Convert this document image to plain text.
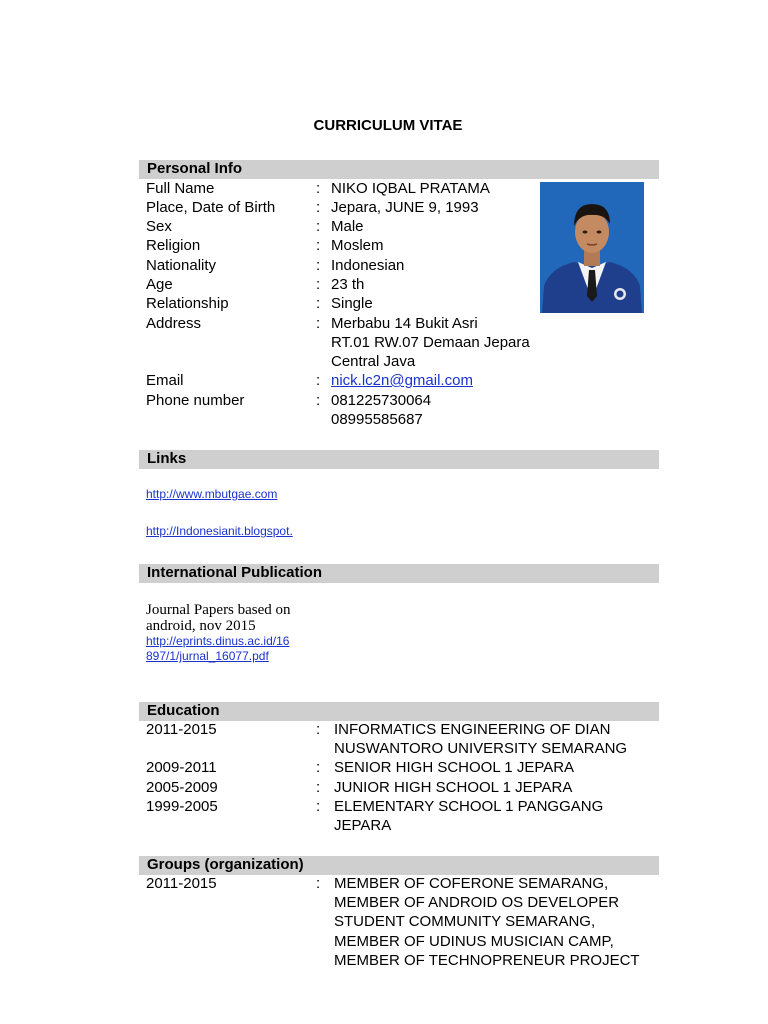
CURRICULUM VITAE
Personal Info
Full Name	: NIKO IQBAL PRATAMA
Place, Date of Birth	: Jepara, JUNE 9, 1993
Sex	: Male
Religion	: Moslem
Nationality	: Indonesian
Age	: 23 th
Relationship	: Single
Address	: Merbabu 14 Bukit Asri
RT.01 RW.07 Demaan Jepara
Central Java
Email	: nick.lc2n@gmail.com
Phone number	: 081225730064
08995585687
Links
http://www.mbutgae.com
http://Indonesianit.blogspot.
International Publication
Journal Papers based on
android, nov 2015
http://eprints.dinus.ac.id/16
897/1/jurnal_16077.pdf
Education
2011-2015	: INFORMATICS ENGINEERING OF DIAN
NUSWANTORO UNIVERSITY SEMARANG
2009-2011	: SENIOR HIGH SCHOOL 1 JEPARA
2005-2009	: JUNIOR HIGH SCHOOL 1 JEPARA
1999-2005	: ELEMENTARY SCHOOL 1 PANGGANG
JEPARA
Groups (organization)
2011-2015	: MEMBER OF COFERONE SEMARANG,
MEMBER OF ANDROID OS DEVELOPER
STUDENT COMMUNITY SEMARANG,
MEMBER OF UDINUS MUSICIAN CAMP,
MEMBER OF TECHNOPRENEUR PROJECT
